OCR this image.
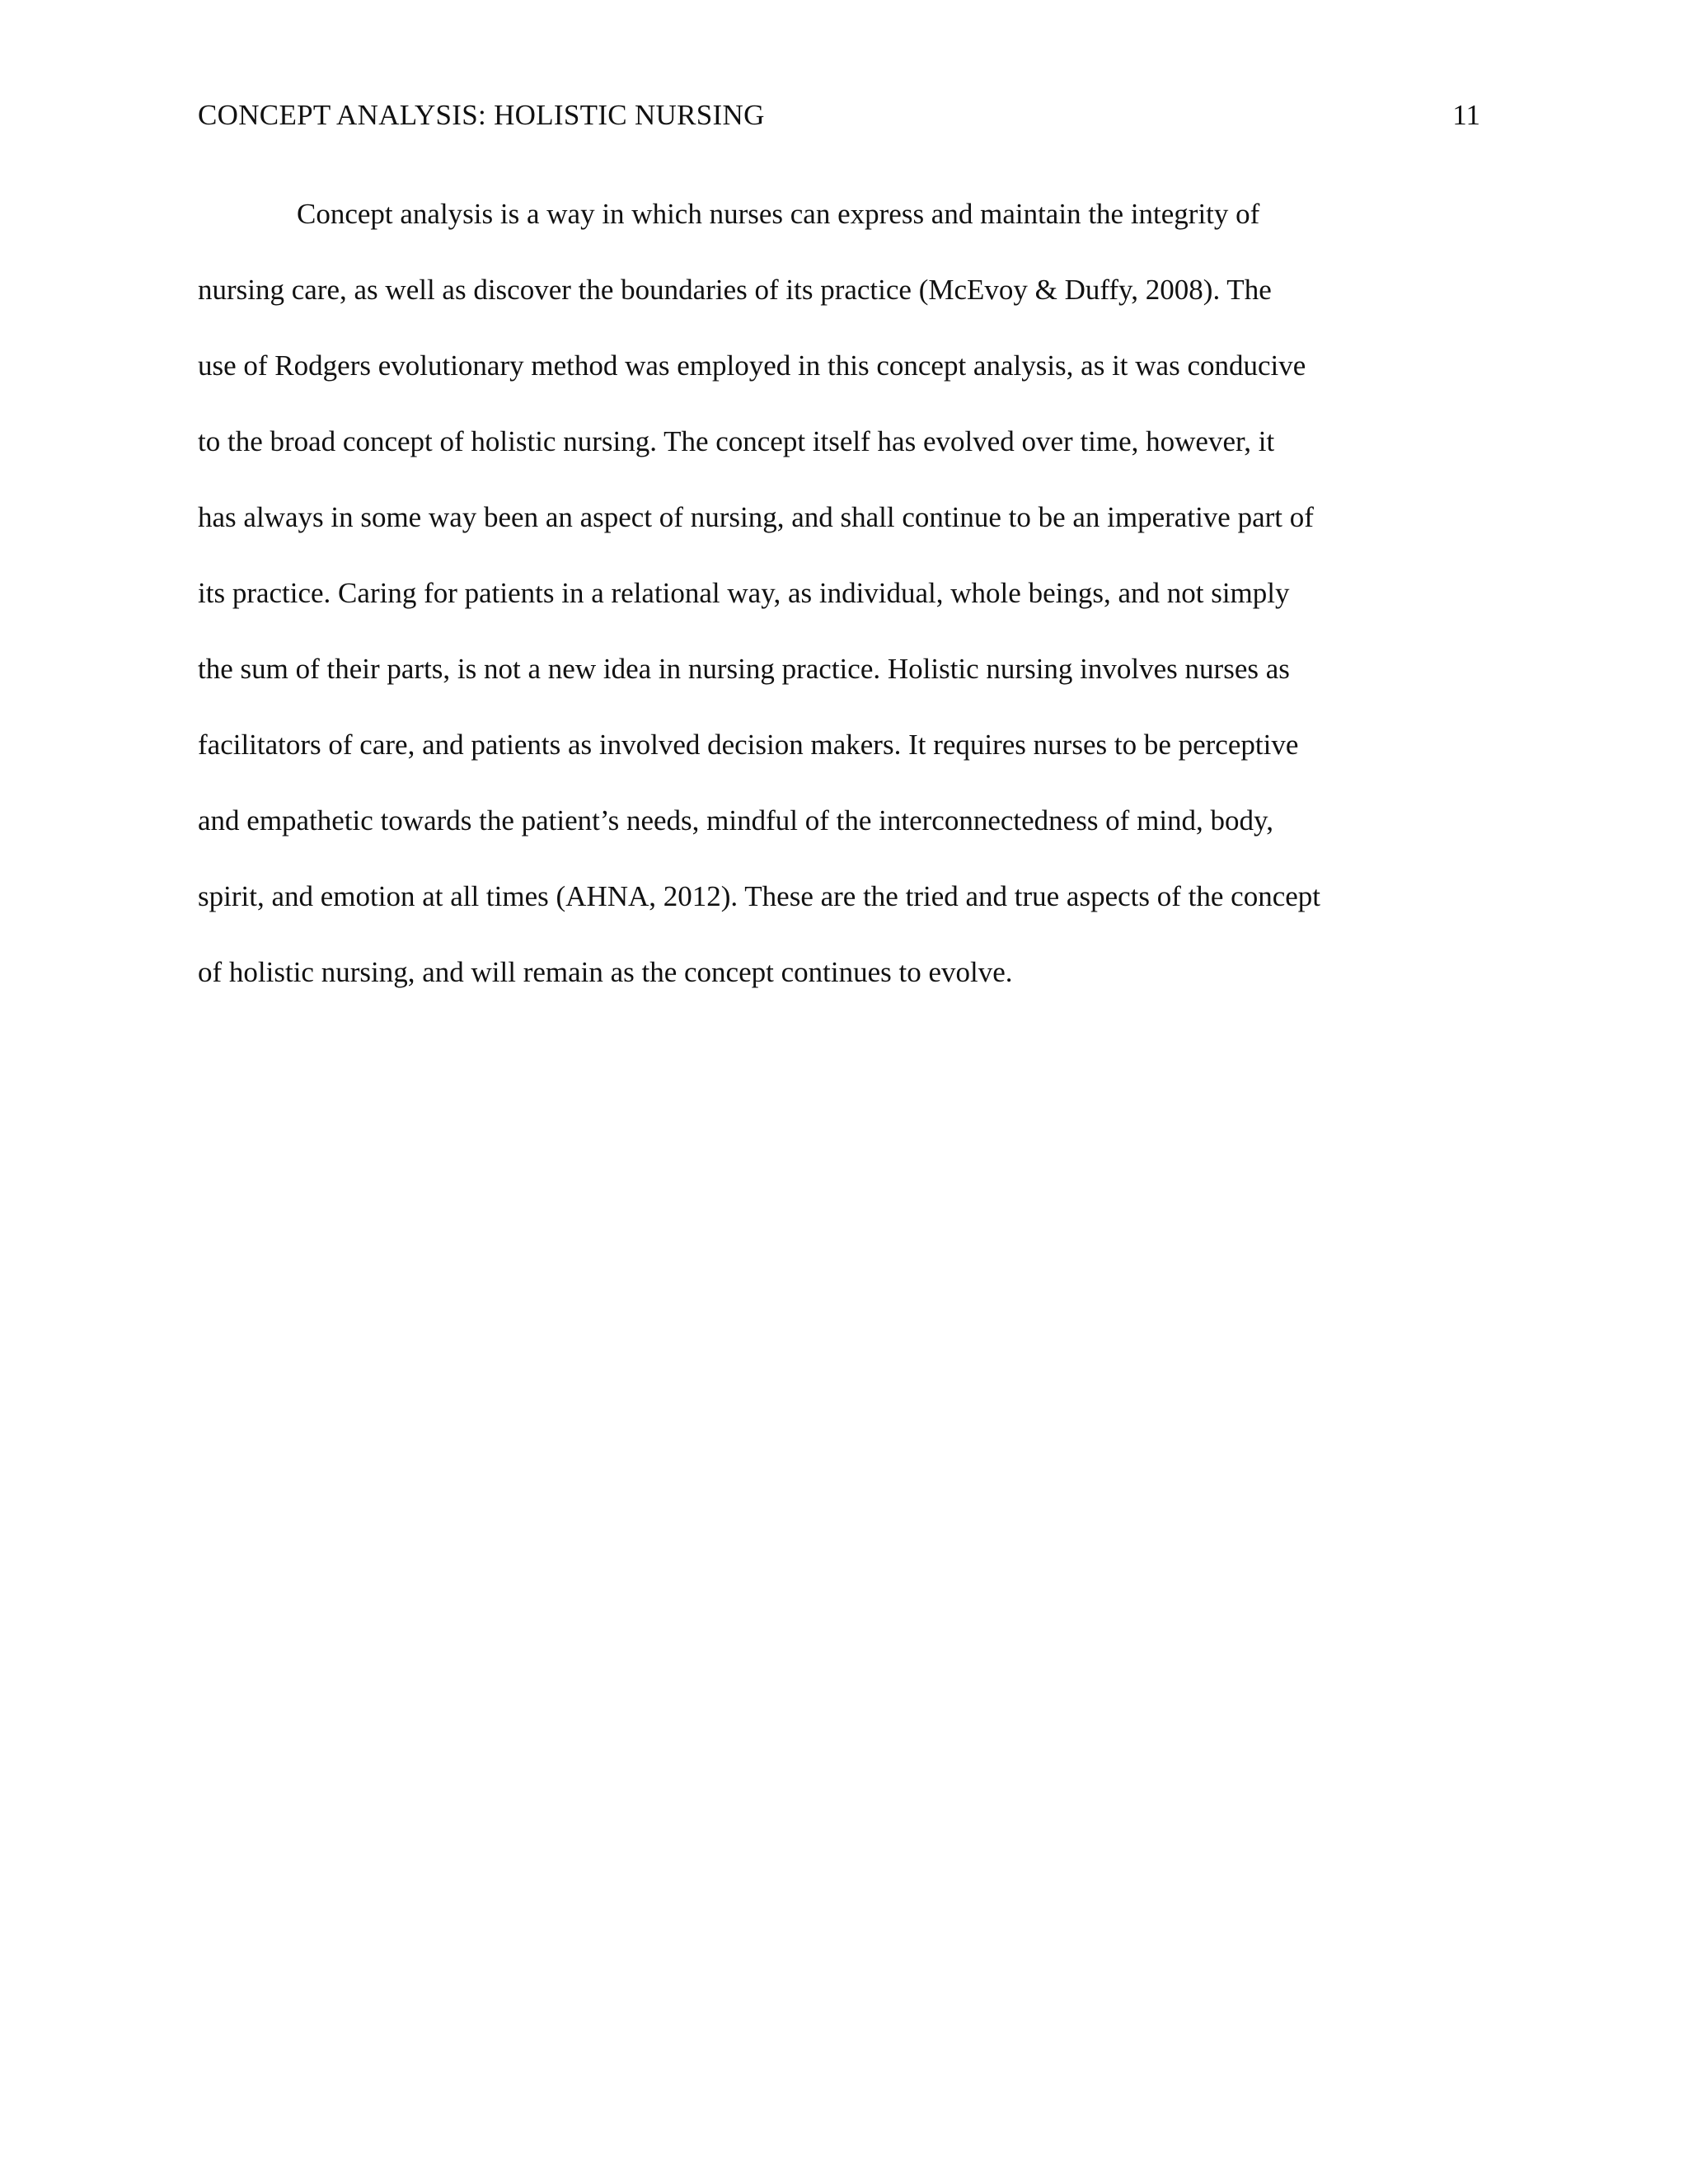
CONCEPT ANALYSIS: HOLISTIC NURSING	11
Concept analysis is a way in which nurses can express and maintain the integrity of
nursing care, as well as discover the boundaries of its practice (McEvoy & Duffy, 2008). The
use of Rodgers evolutionary method was employed in this concept analysis, as it was conducive
to the broad concept of holistic nursing. The concept itself has evolved over time, however, it
has always in some way been an aspect of nursing, and shall continue to be an imperative part of
its practice. Caring for patients in a relational way, as individual, whole beings, and not simply
the sum of their parts, is not a new idea in nursing practice. Holistic nursing involves nurses as
facilitators of care, and patients as involved decision makers. It requires nurses to be perceptive
and empathetic towards the patient’s needs, mindful of the interconnectedness of mind, body,
spirit, and emotion at all times (AHNA, 2012). These are the tried and true aspects of the concept
of holistic nursing, and will remain as the concept continues to evolve.
